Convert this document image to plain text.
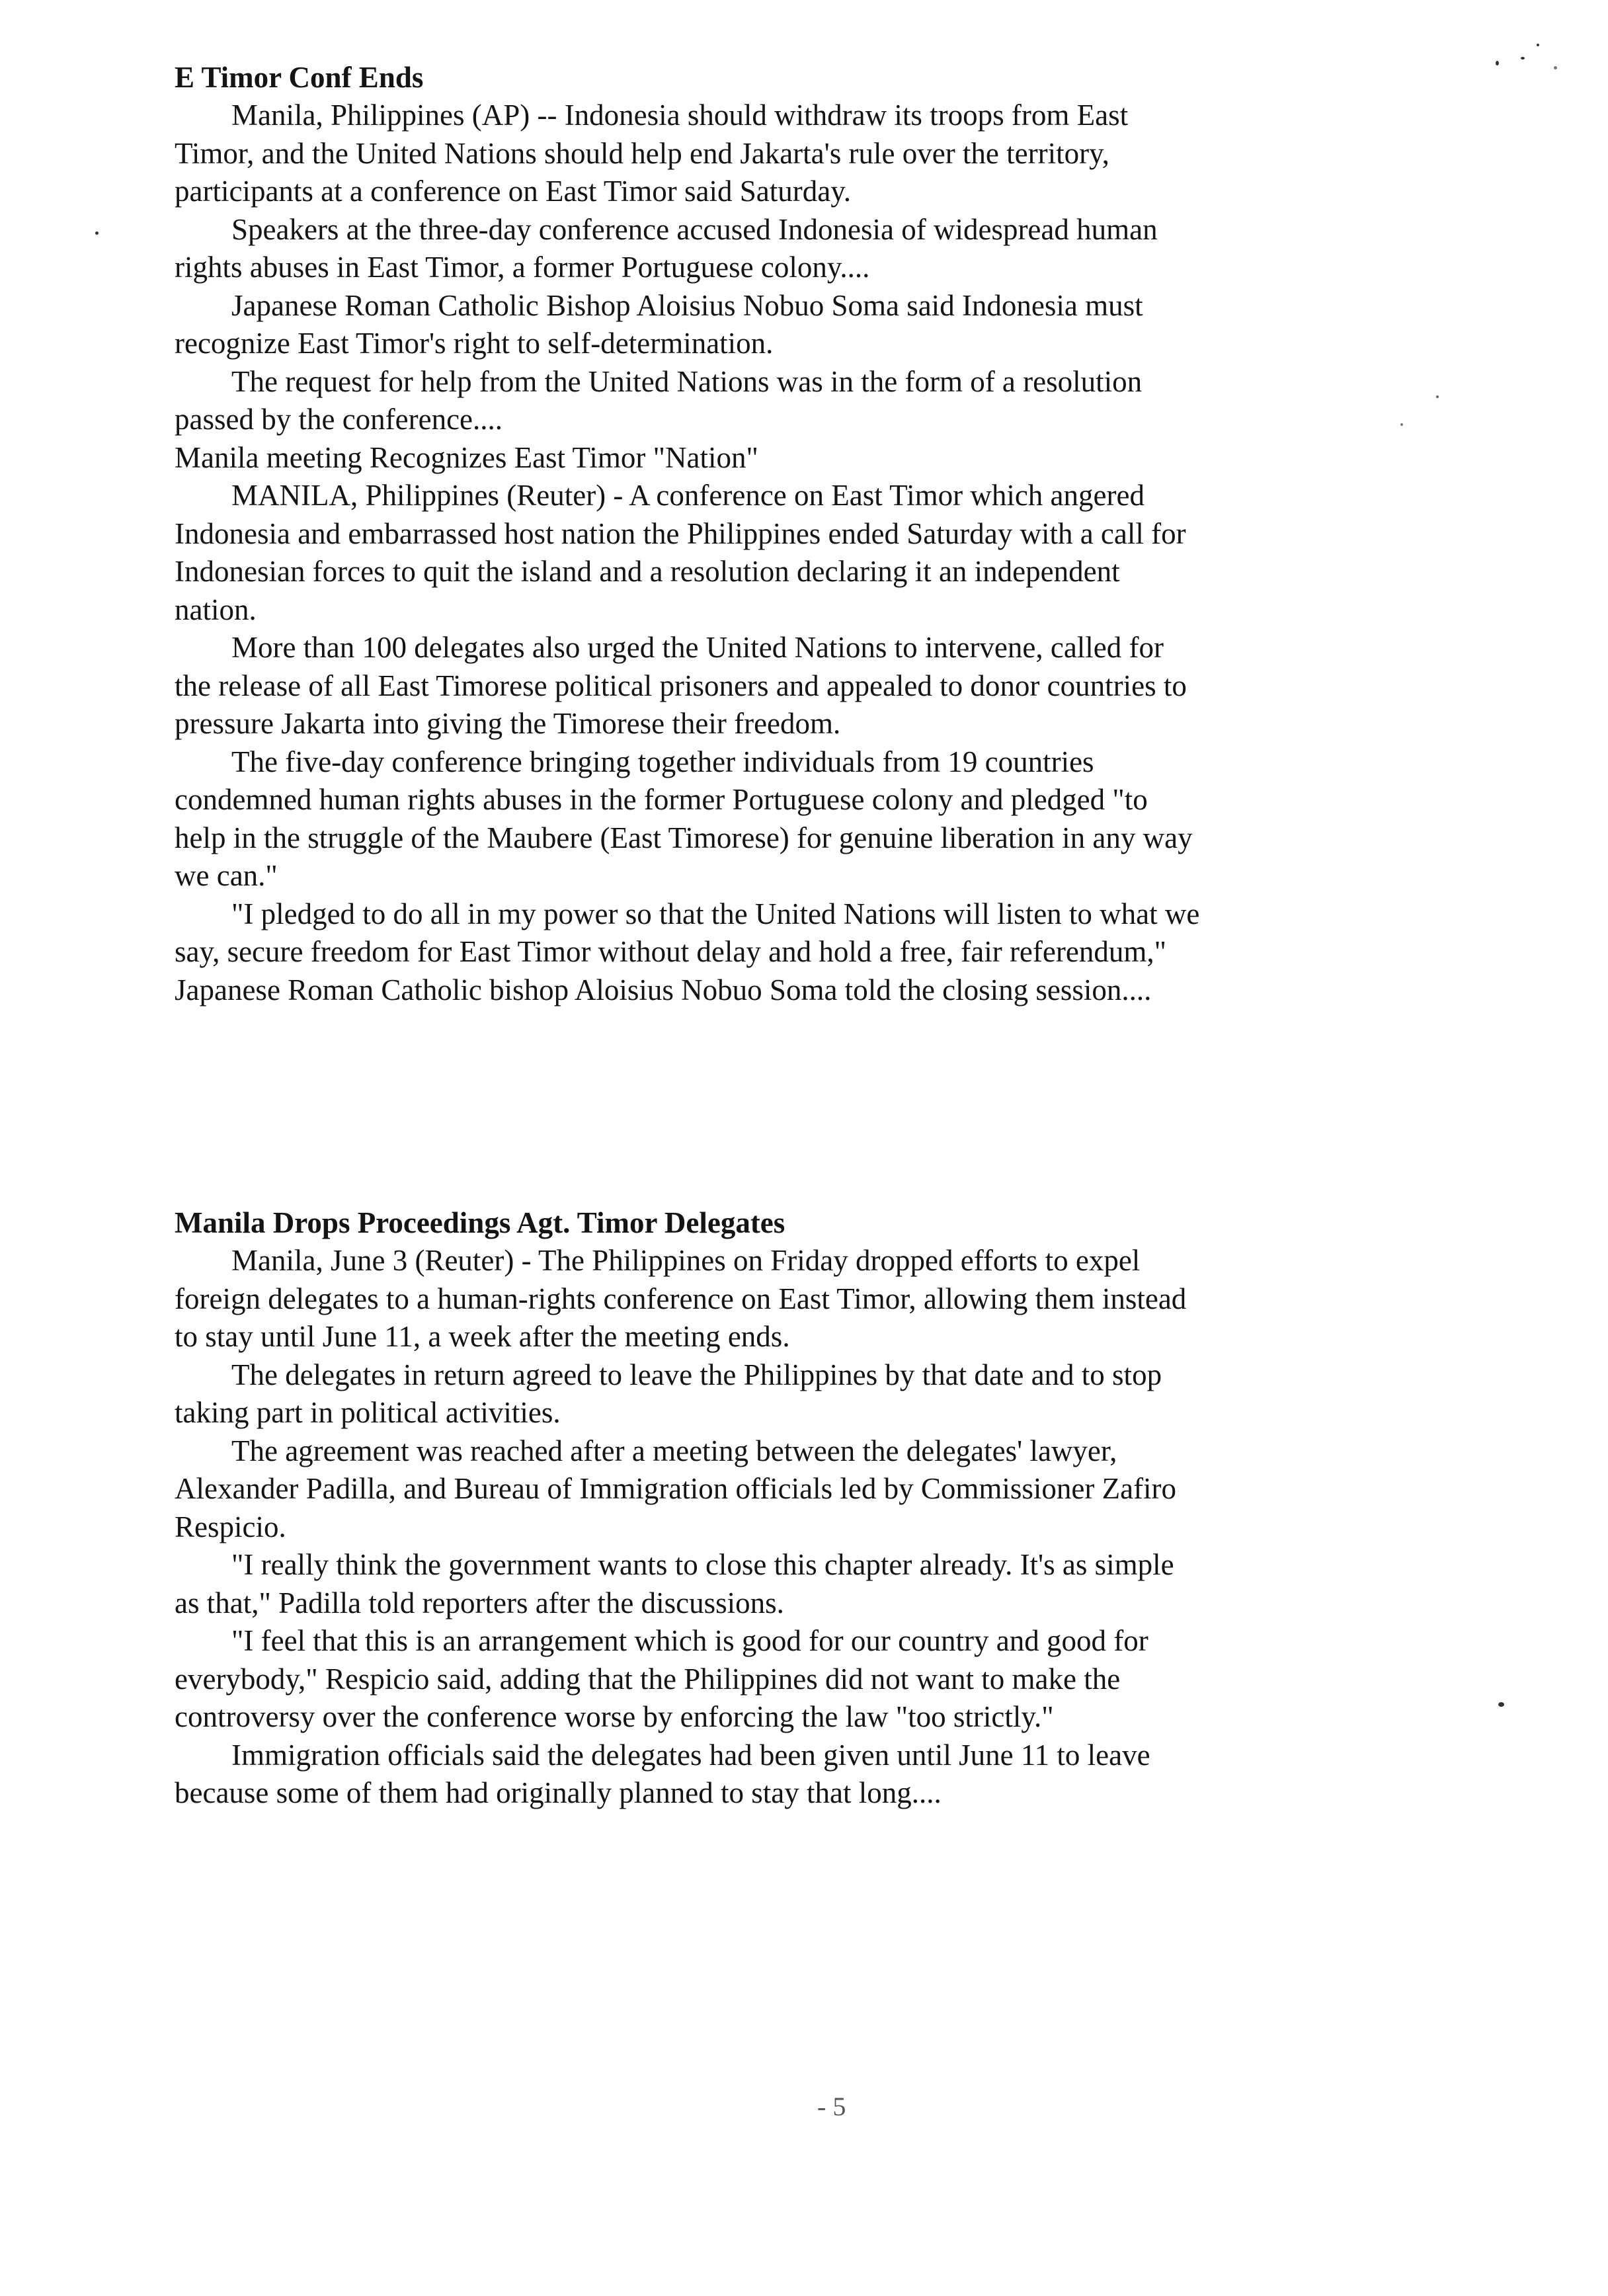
E Timor Conf Ends

Manila, Philippines (AP) -- Indonesia should withdraw its troops from East Timor, and the United Nations should help end Jakarta's rule over the territory, participants at a conference on East Timor said Saturday.

Speakers at the three-day conference accused Indonesia of widespread human rights abuses in East Timor, a former Portuguese colony....

Japanese Roman Catholic Bishop Aloisius Nobuo Soma said Indonesia must recognize East Timor's right to self-determination.

The request for help from the United Nations was in the form of a resolution passed by the conference....

Manila meeting Recognizes East Timor "Nation"

MANILA, Philippines (Reuter) - A conference on East Timor which angered Indonesia and embarrassed host nation the Philippines ended Saturday with a call for Indonesian forces to quit the island and a resolution declaring it an independent nation.

More than 100 delegates also urged the United Nations to intervene, called for the release of all East Timorese political prisoners and appealed to donor countries to pressure Jakarta into giving the Timorese their freedom.

The five-day conference bringing together individuals from 19 countries condemned human rights abuses in the former Portuguese colony and pledged "to help in the struggle of the Maubere (East Timorese) for genuine liberation in any way we can."

"I pledged to do all in my power so that the United Nations will listen to what we say, secure freedom for East Timor without delay and hold a free, fair referendum," Japanese Roman Catholic bishop Aloisius Nobuo Soma told the closing session....

Manila Drops Proceedings Agt. Timor Delegates

Manila, June 3 (Reuter) - The Philippines on Friday dropped efforts to expel foreign delegates to a human-rights conference on East Timor, allowing them instead to stay until June 11, a week after the meeting ends.

The delegates in return agreed to leave the Philippines by that date and to stop taking part in political activities.

The agreement was reached after a meeting between the delegates' lawyer, Alexander Padilla, and Bureau of Immigration officials led by Commissioner Zafiro Respicio.

"I really think the government wants to close this chapter already. It's as simple as that," Padilla told reporters after the discussions.

"I feel that this is an arrangement which is good for our country and good for everybody," Respicio said, adding that the Philippines did not want to make the controversy over the conference worse by enforcing the law "too strictly."

Immigration officials said the delegates had been given until June 11 to leave because some of them had originally planned to stay that long....

- 5
